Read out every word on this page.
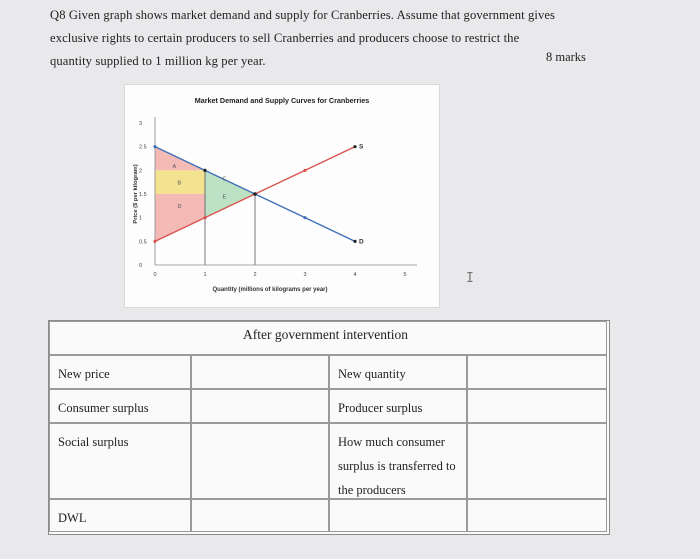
Q8 Given graph shows market demand and supply for Cranberries. Assume that government gives
exclusive rights to certain producers to sell Cranberries and producers choose to restrict the
quantity supplied to 1 million kg per year.	8 marks
S
D
A
B
C
D
E
0	1	2	3	4	5
0
0.5
1
1.5
2
2.5
3
Market Demand and Supply Curves for Cranberries
Quantity (millions of kilograms per year)
Price ($ per kilogram)
I
After government intervention
New price	New quantity
Consumer surplus	Producer surplus
Social surplus	How much consumer surplus is transferred to the producers
DWL
